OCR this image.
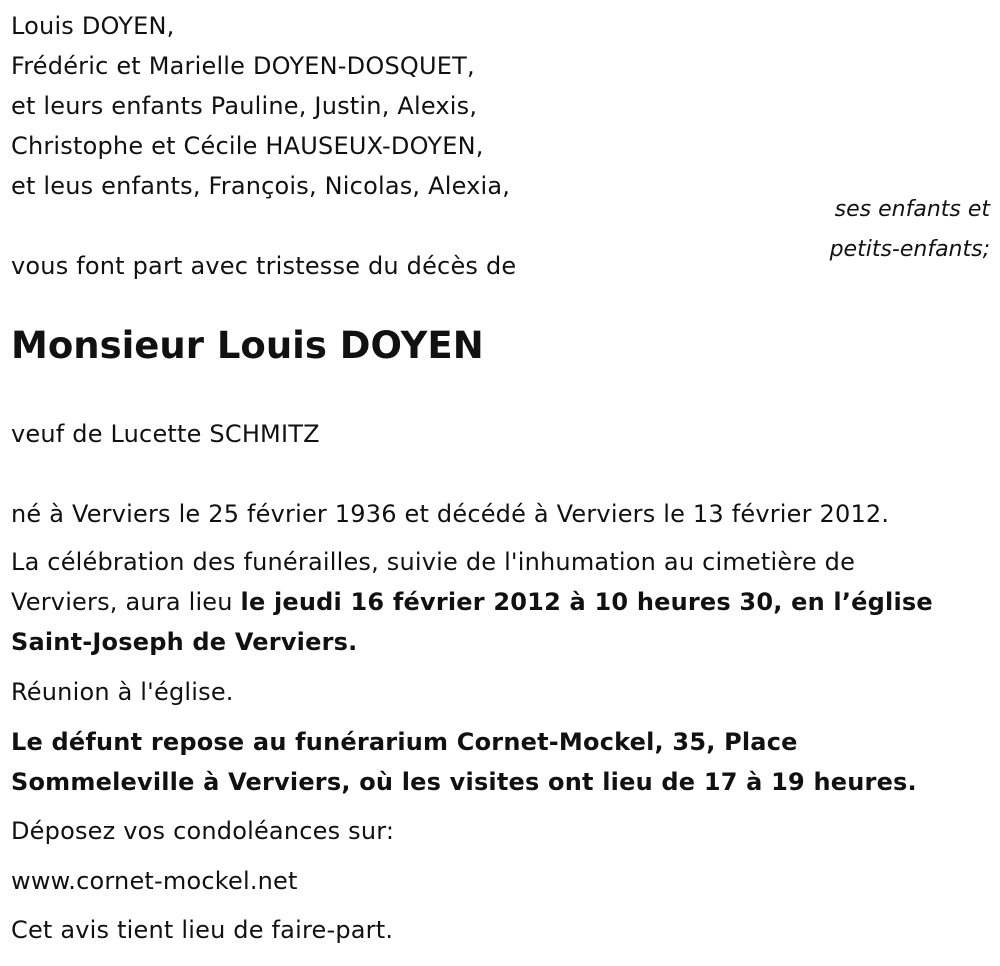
Louis DOYEN,
Frédéric et Marielle DOYEN-DOSQUET,
et leurs enfants Pauline, Justin, Alexis,
Christophe et Cécile HAUSEUX-DOYEN,
et leus enfants, François, Nicolas, Alexia,
ses enfants et
petits-enfants;
vous font part avec tristesse du décès de
Monsieur Louis DOYEN
veuf de Lucette SCHMITZ
né à Verviers le 25 février 1936 et décédé à Verviers le 13 février 2012.
La célébration des funérailles, suivie de l'inhumation au cimetière de
Verviers, aura lieu le jeudi 16 février 2012 à 10 heures 30, en l’église
Saint-Joseph de Verviers.
Réunion à l'église.
Le défunt repose au funérarium Cornet-Mockel, 35, Place
Sommeleville à Verviers, où les visites ont lieu de 17 à 19 heures.
Déposez vos condoléances sur:
www.cornet-mockel.net
Cet avis tient lieu de faire-part.
